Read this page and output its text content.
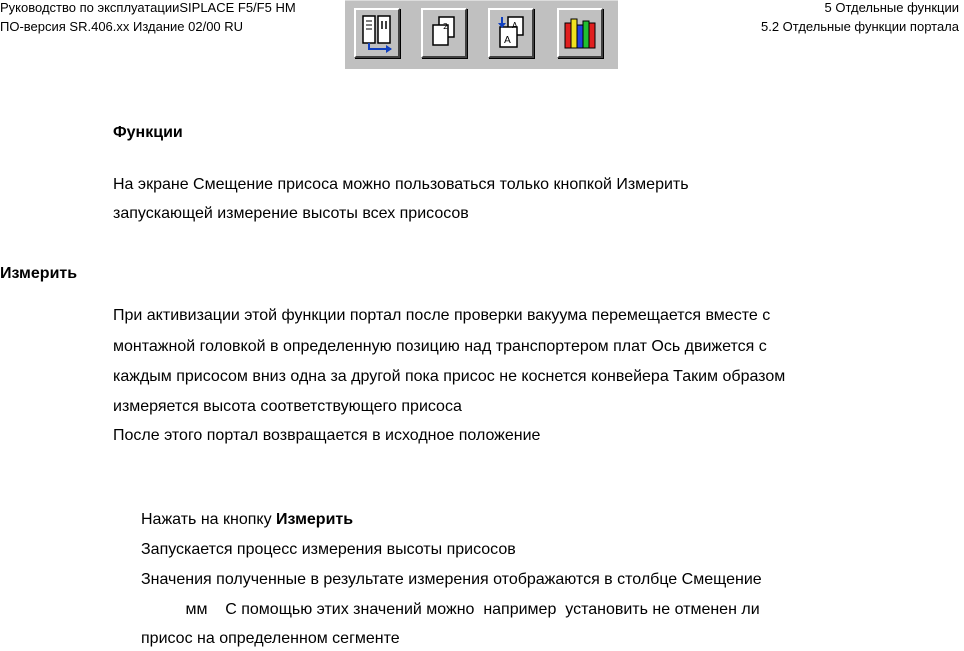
Руководство по эксплуатацииSIPLACE F5/F5 HM
ПО-версия SR.406.xx Издание 02/00 RU
5 Отдельные функции
5.2 Отдельные функции портала
2	A
A
Функции
На экране Смещение присоса можно пользоваться только кнопкой Измерить
запускающей измерение высоты всех присосов
Измерить
При активизации этой функции портал после проверки вакуума перемещается вместе с
монтажной головкой в определенную позицию над транспортером плат Ось движется с
каждым присосом вниз одна за другой пока присос не коснется конвейера Таким образом
измеряется высота соответствующего присоса
После этого портал возвращается в исходное положение
Нажать на кнопку Измерить
Запускается процесс измерения высоты присосов
Значения полученные в результате измерения отображаются в столбце Смещение
мм    С помощью этих значений можно  например  установить не отменен ли
присос на определенном сегменте
